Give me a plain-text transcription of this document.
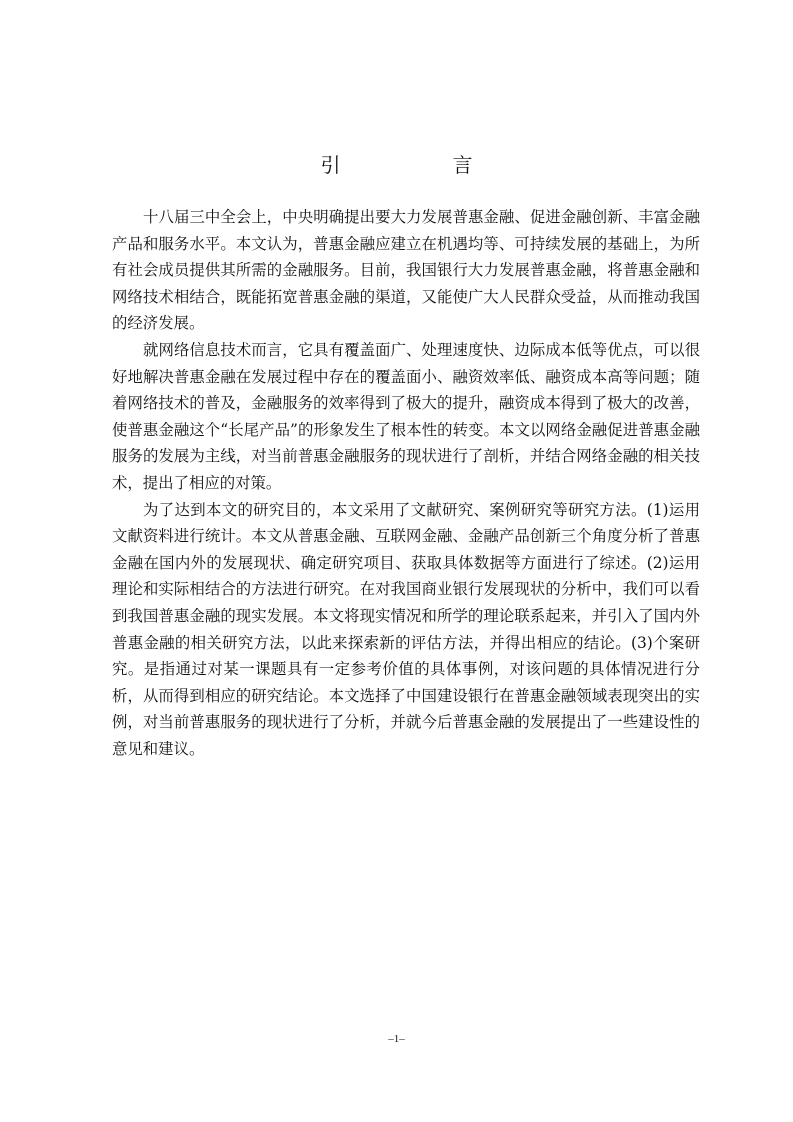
引　言

十八届三中全会上，中央明确提出要大力发展普惠金融、促进金融创新、丰富金融产品和服务水平。本文认为，普惠金融应建立在机遇均等、可持续发展的基础上，为所有社会成员提供其所需的金融服务。目前，我国银行大力发展普惠金融，将普惠金融和网络技术相结合，既能拓宽普惠金融的渠道，又能使广大人民群众受益，从而推动我国的经济发展。

就网络信息技术而言，它具有覆盖面广、处理速度快、边际成本低等优点，可以很好地解决普惠金融在发展过程中存在的覆盖面小、融资效率低、融资成本高等问题；随着网络技术的普及，金融服务的效率得到了极大的提升，融资成本得到了极大的改善，使普惠金融这个“长尾产品”的形象发生了根本性的转变。本文以网络金融促进普惠金融服务的发展为主线，对当前普惠金融服务的现状进行了剖析，并结合网络金融的相关技术，提出了相应的对策。

为了达到本文的研究目的，本文采用了文献研究、案例研究等研究方法。(1)运用文献资料进行统计。本文从普惠金融、互联网金融、金融产品创新三个角度分析了普惠金融在国内外的发展现状、确定研究项目、获取具体数据等方面进行了综述。(2)运用理论和实际相结合的方法进行研究。在对我国商业银行发展现状的分析中，我们可以看到我国普惠金融的现实发展。本文将现实情况和所学的理论联系起来，并引入了国内外普惠金融的相关研究方法，以此来探索新的评估方法，并得出相应的结论。(3)个案研究。是指通过对某一课题具有一定参考价值的具体事例，对该问题的具体情况进行分析，从而得到相应的研究结论。本文选择了中国建设银行在普惠金融领域表现突出的实例，对当前普惠服务的现状进行了分析，并就今后普惠金融的发展提出了一些建设性的意见和建议。

–1–
